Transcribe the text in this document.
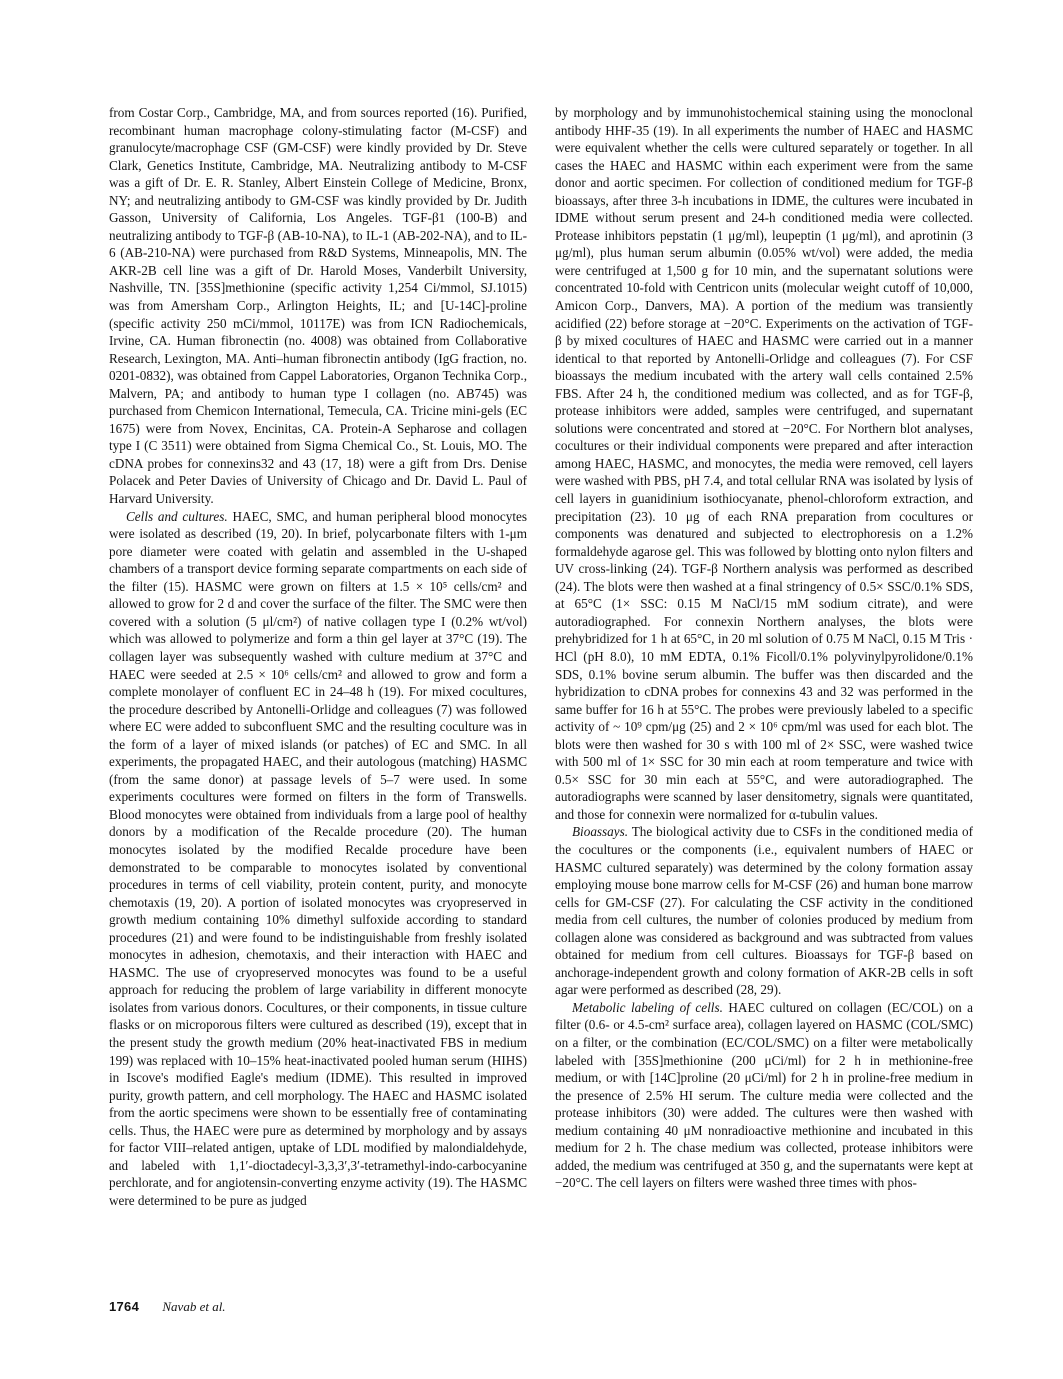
from Costar Corp., Cambridge, MA, and from sources reported (16). Purified, recombinant human macrophage colony-stimulating factor (M-CSF) and granulocyte/macrophage CSF (GM-CSF) were kindly provided by Dr. Steve Clark, Genetics Institute, Cambridge, MA. Neutralizing antibody to M-CSF was a gift of Dr. E. R. Stanley, Albert Einstein College of Medicine, Bronx, NY; and neutralizing antibody to GM-CSF was kindly provided by Dr. Judith Gasson, University of California, Los Angeles. TGF-β1 (100-B) and neutralizing antibody to TGF-β (AB-10-NA), to IL-1 (AB-202-NA), and to IL-6 (AB-210-NA) were purchased from R&D Systems, Minneapolis, MN. The AKR-2B cell line was a gift of Dr. Harold Moses, Vanderbilt University, Nashville, TN. [35S]methionine (specific activity 1,254 Ci/mmol, SJ.1015) was from Amersham Corp., Arlington Heights, IL; and [U-14C]-proline (specific activity 250 mCi/mmol, 10117E) was from ICN Radiochemicals, Irvine, CA. Human fibronectin (no. 4008) was obtained from Collaborative Research, Lexington, MA. Anti–human fibronectin antibody (IgG fraction, no. 0201-0832), was obtained from Cappel Laboratories, Organon Technika Corp., Malvern, PA; and antibody to human type I collagen (no. AB745) was purchased from Chemicon International, Temecula, CA. Tricine mini-gels (EC 1675) were from Novex, Encinitas, CA. Protein-A Sepharose and collagen type I (C 3511) were obtained from Sigma Chemical Co., St. Louis, MO. The cDNA probes for connexins32 and 43 (17, 18) were a gift from Drs. Denise Polacek and Peter Davies of University of Chicago and Dr. David L. Paul of Harvard University.

Cells and cultures. HAEC, SMC, and human peripheral blood monocytes were isolated as described (19, 20). In brief, polycarbonate filters with 1-μm pore diameter were coated with gelatin and assembled in the U-shaped chambers of a transport device forming separate compartments on each side of the filter (15). HASMC were grown on filters at 1.5 × 10⁵ cells/cm² and allowed to grow for 2 d and cover the surface of the filter. The SMC were then covered with a solution (5 μl/cm²) of native collagen type I (0.2% wt/vol) which was allowed to polymerize and form a thin gel layer at 37°C (19). The collagen layer was subsequently washed with culture medium at 37°C and HAEC were seeded at 2.5 × 10⁶ cells/cm² and allowed to grow and form a complete monolayer of confluent EC in 24–48 h (19). For mixed cocultures, the procedure described by Antonelli-Orlidge and colleagues (7) was followed where EC were added to subconfluent SMC and the resulting coculture was in the form of a layer of mixed islands (or patches) of EC and SMC. In all experiments, the propagated HAEC, and their autologous (matching) HASMC (from the same donor) at passage levels of 5–7 were used. In some experiments cocultures were formed on filters in the form of Transwells. Blood monocytes were obtained from individuals from a large pool of healthy donors by a modification of the Recalde procedure (20). The human monocytes isolated by the modified Recalde procedure have been demonstrated to be comparable to monocytes isolated by conventional procedures in terms of cell viability, protein content, purity, and monocyte chemotaxis (19, 20). A portion of isolated monocytes was cryopreserved in growth medium containing 10% dimethyl sulfoxide according to standard procedures (21) and were found to be indistinguishable from freshly isolated monocytes in adhesion, chemotaxis, and their interaction with HAEC and HASMC. The use of cryopreserved monocytes was found to be a useful approach for reducing the problem of large variability in different monocyte isolates from various donors. Cocultures, or their components, in tissue culture flasks or on microporous filters were cultured as described (19), except that in the present study the growth medium (20% heat-inactivated FBS in medium 199) was replaced with 10–15% heat-inactivated pooled human serum (HIHS) in Iscove's modified Eagle's medium (IDME). This resulted in improved purity, growth pattern, and cell morphology. The HAEC and HASMC isolated from the aortic specimens were shown to be essentially free of contaminating cells. Thus, the HAEC were pure as determined by morphology and by assays for factor VIII–related antigen, uptake of LDL modified by malondialdehyde, and labeled with 1,1′-dioctadecyl-3,3,3′,3′-tetramethyl-indo-carbocyanine perchlorate, and for angiotensin-converting enzyme activity (19). The HASMC were determined to be pure as judged

by morphology and by immunohistochemical staining using the monoclonal antibody HHF-35 (19). In all experiments the number of HAEC and HASMC were equivalent whether the cells were cultured separately or together. In all cases the HAEC and HASMC within each experiment were from the same donor and aortic specimen. For collection of conditioned medium for TGF-β bioassays, after three 3-h incubations in IDME, the cultures were incubated in IDME without serum present and 24-h conditioned media were collected. Protease inhibitors pepstatin (1 μg/ml), leupeptin (1 μg/ml), and aprotinin (3 μg/ml), plus human serum albumin (0.05% wt/vol) were added, the media were centrifuged at 1,500 g for 10 min, and the supernatant solutions were concentrated 10-fold with Centricon units (molecular weight cutoff of 10,000, Amicon Corp., Danvers, MA). A portion of the medium was transiently acidified (22) before storage at −20°C. Experiments on the activation of TGF-β by mixed cocultures of HAEC and HASMC were carried out in a manner identical to that reported by Antonelli-Orlidge and colleagues (7). For CSF bioassays the medium incubated with the artery wall cells contained 2.5% FBS. After 24 h, the conditioned medium was collected, and as for TGF-β, protease inhibitors were added, samples were centrifuged, and supernatant solutions were concentrated and stored at −20°C. For Northern blot analyses, cocultures or their individual components were prepared and after interaction among HAEC, HASMC, and monocytes, the media were removed, cell layers were washed with PBS, pH 7.4, and total cellular RNA was isolated by lysis of cell layers in guanidinium isothiocyanate, phenol-chloroform extraction, and precipitation (23). 10 μg of each RNA preparation from cocultures or components was denatured and subjected to electrophoresis on a 1.2% formaldehyde agarose gel. This was followed by blotting onto nylon filters and UV cross-linking (24). TGF-β Northern analysis was performed as described (24). The blots were then washed at a final stringency of 0.5× SSC/0.1% SDS, at 65°C (1× SSC: 0.15 M NaCl/15 mM sodium citrate), and were autoradiographed. For connexin Northern analyses, the blots were prehybridized for 1 h at 65°C, in 20 ml solution of 0.75 M NaCl, 0.15 M Tris · HCl (pH 8.0), 10 mM EDTA, 0.1% Ficoll/0.1% polyvinylpyrolidone/0.1% SDS, 0.1% bovine serum albumin. The buffer was then discarded and the hybridization to cDNA probes for connexins 43 and 32 was performed in the same buffer for 16 h at 55°C. The probes were previously labeled to a specific activity of ~ 10⁹ cpm/μg (25) and 2 × 10⁶ cpm/ml was used for each blot. The blots were then washed for 30 s with 100 ml of 2× SSC, were washed twice with 500 ml of 1× SSC for 30 min each at room temperature and twice with 0.5× SSC for 30 min each at 55°C, and were autoradiographed. The autoradiographs were scanned by laser densitometry, signals were quantitated, and those for connexin were normalized for α-tubulin values.

Bioassays. The biological activity due to CSFs in the conditioned media of the cocultures or the components (i.e., equivalent numbers of HAEC or HASMC cultured separately) was determined by the colony formation assay employing mouse bone marrow cells for M-CSF (26) and human bone marrow cells for GM-CSF (27). For calculating the CSF activity in the conditioned media from cell cultures, the number of colonies produced by medium from collagen alone was considered as background and was subtracted from values obtained for medium from cell cultures. Bioassays for TGF-β based on anchorage-independent growth and colony formation of AKR-2B cells in soft agar were performed as described (28, 29).

Metabolic labeling of cells. HAEC cultured on collagen (EC/COL) on a filter (0.6- or 4.5-cm² surface area), collagen layered on HASMC (COL/SMC) on a filter, or the combination (EC/COL/SMC) on a filter were metabolically labeled with [35S]methionine (200 μCi/ml) for 2 h in methionine-free medium, or with [14C]proline (20 μCi/ml) for 2 h in proline-free medium in the presence of 2.5% HI serum. The culture media were collected and the protease inhibitors (30) were added. The cultures were then washed with medium containing 40 μM nonradioactive methionine and incubated in this medium for 2 h. The chase medium was collected, protease inhibitors were added, the medium was centrifuged at 350 g, and the supernatants were kept at −20°C. The cell layers on filters were washed three times with phos-

1764 Navab et al.
